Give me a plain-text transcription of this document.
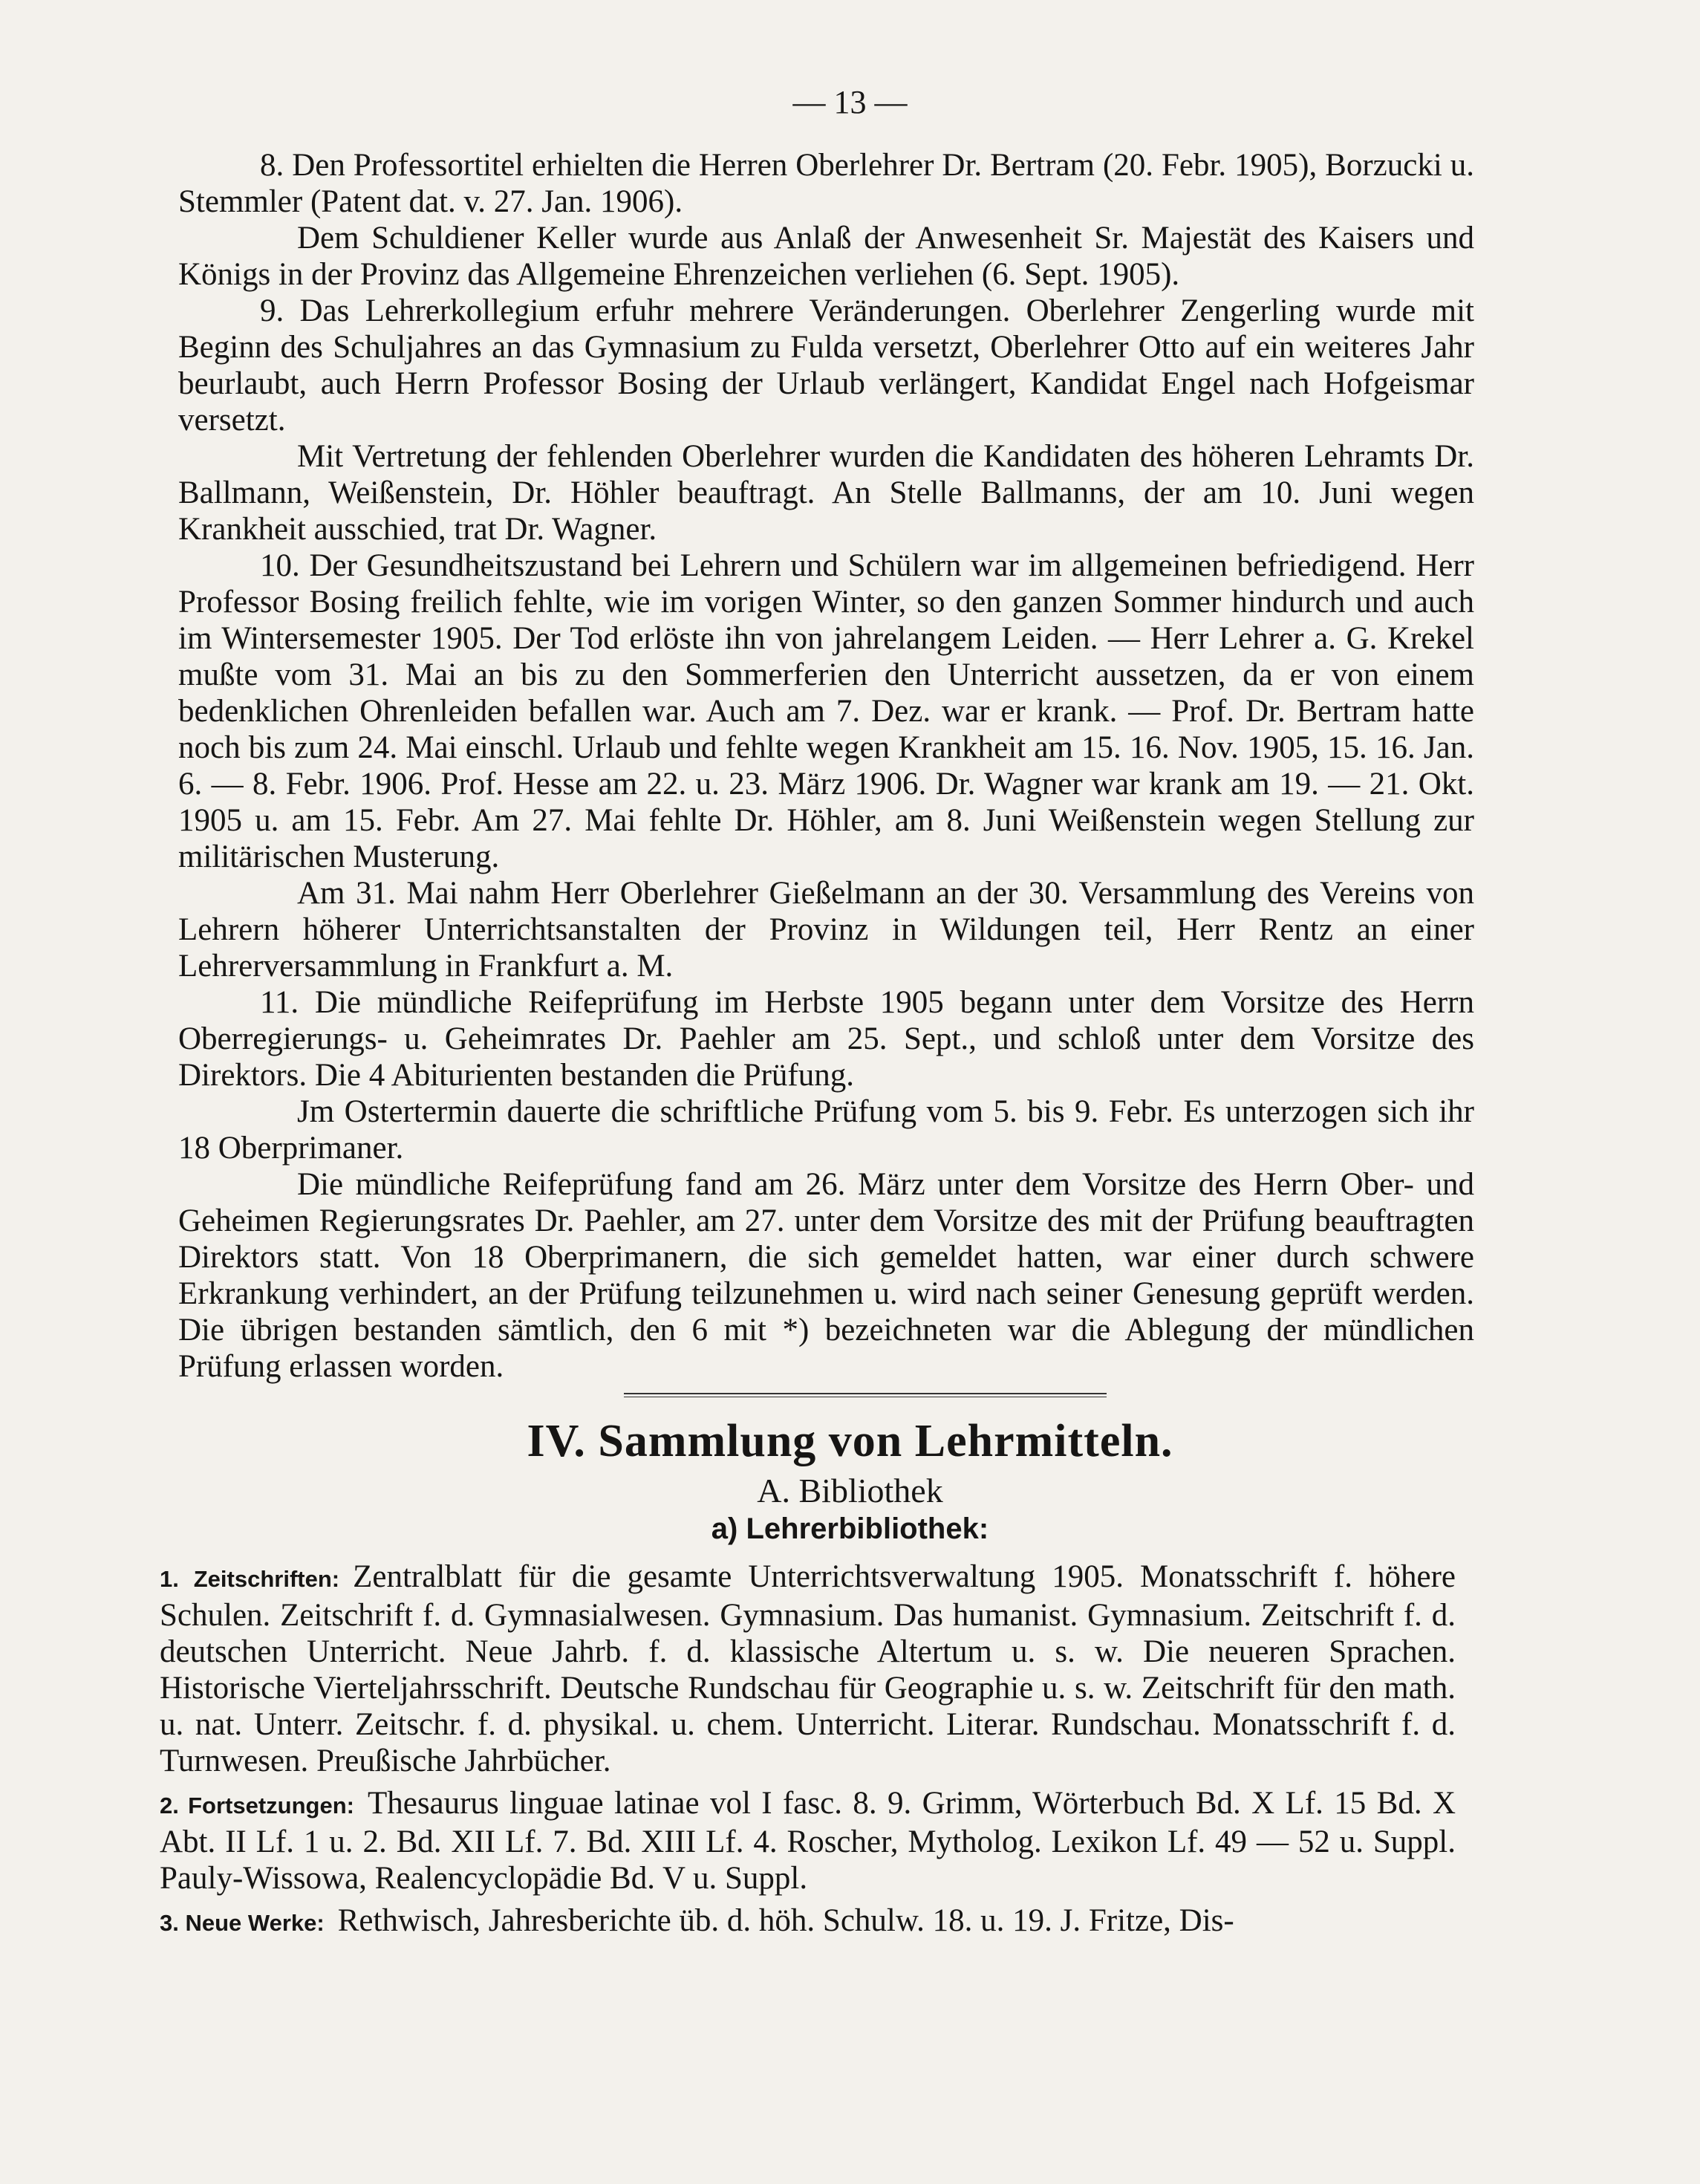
— 13 —

8. Den Professortitel erhielten die Herren Oberlehrer Dr. Bertram (20. Febr. 1905), Borzucki u. Stemmler (Patent dat. v. 27. Jan. 1906).

Dem Schuldiener Keller wurde aus Anlaß der Anwesenheit Sr. Majestät des Kaisers und Königs in der Provinz das Allgemeine Ehrenzeichen verliehen (6. Sept. 1905).

9. Das Lehrerkollegium erfuhr mehrere Veränderungen. Oberlehrer Zengerling wurde mit Beginn des Schuljahres an das Gymnasium zu Fulda versetzt, Oberlehrer Otto auf ein weiteres Jahr beurlaubt, auch Herrn Professor Bosing der Urlaub verlängert, Kandidat Engel nach Hofgeismar versetzt.

Mit Vertretung der fehlenden Oberlehrer wurden die Kandidaten des höheren Lehramts Dr. Ballmann, Weißenstein, Dr. Höhler beauftragt. An Stelle Ballmanns, der am 10. Juni wegen Krankheit ausschied, trat Dr. Wagner.

10. Der Gesundheitszustand bei Lehrern und Schülern war im allgemeinen befriedigend. Herr Professor Bosing freilich fehlte, wie im vorigen Winter, so den ganzen Sommer hindurch und auch im Wintersemester 1905. Der Tod erlöste ihn von jahrelangem Leiden. — Herr Lehrer a. G. Krekel mußte vom 31. Mai an bis zu den Sommerferien den Unterricht aussetzen, da er von einem bedenklichen Ohrenleiden befallen war. Auch am 7. Dez. war er krank. — Prof. Dr. Bertram hatte noch bis zum 24. Mai einschl. Urlaub und fehlte wegen Krankheit am 15. 16. Nov. 1905, 15. 16. Jan. 6. — 8. Febr. 1906. Prof. Hesse am 22. u. 23. März 1906. Dr. Wagner war krank am 19. — 21. Okt. 1905 u. am 15. Febr. Am 27. Mai fehlte Dr. Höhler, am 8. Juni Weißenstein wegen Stellung zur militärischen Musterung.

Am 31. Mai nahm Herr Oberlehrer Gießelmann an der 30. Versammlung des Vereins von Lehrern höherer Unterrichtsanstalten der Provinz in Wildungen teil, Herr Rentz an einer Lehrerversammlung in Frankfurt a. M.

11. Die mündliche Reifeprüfung im Herbste 1905 begann unter dem Vorsitze des Herrn Oberregierungs- u. Geheimrates Dr. Paehler am 25. Sept., und schloß unter dem Vorsitze des Direktors. Die 4 Abiturienten bestanden die Prüfung.

Jm Ostertermin dauerte die schriftliche Prüfung vom 5. bis 9. Febr. Es unterzogen sich ihr 18 Oberprimaner.

Die mündliche Reifeprüfung fand am 26. März unter dem Vorsitze des Herrn Ober- und Geheimen Regierungsrates Dr. Paehler, am 27. unter dem Vorsitze des mit der Prüfung beauftragten Direktors statt. Von 18 Oberprimanern, die sich gemeldet hatten, war einer durch schwere Erkrankung verhindert, an der Prüfung teilzunehmen u. wird nach seiner Genesung geprüft werden. Die übrigen bestanden sämtlich, den 6 mit *) bezeichneten war die Ablegung der mündlichen Prüfung erlassen worden.

IV. Sammlung von Lehrmitteln.
A. Bibliothek
a) Lehrerbibliothek:

1. Zeitschriften: Zentralblatt für die gesamte Unterrichtsverwaltung 1905. Monatsschrift f. höhere Schulen. Zeitschrift f. d. Gymnasialwesen. Gymnasium. Das humanist. Gymnasium. Zeitschrift f. d. deutschen Unterricht. Neue Jahrb. f. d. klassische Altertum u. s. w. Die neueren Sprachen. Historische Vierteljahrsschrift. Deutsche Rundschau für Geographie u. s. w. Zeitschrift für den math. u. nat. Unterr. Zeitschr. f. d. physikal. u. chem. Unterricht. Literar. Rundschau. Monatsschrift f. d. Turnwesen. Preußische Jahrbücher.

2. Fortsetzungen: Thesaurus linguae latinae vol I fasc. 8. 9. Grimm, Wörterbuch Bd. X Lf. 15 Bd. X Abt. II Lf. 1 u. 2. Bd. XII Lf. 7. Bd. XIII Lf. 4. Roscher, Mytholog. Lexikon Lf. 49 — 52 u. Suppl. Pauly-Wissowa, Realencyclopädie Bd. V u. Suppl.

3. Neue Werke: Rethwisch, Jahresberichte üb. d. höh. Schulw. 18. u. 19. J. Fritze, Dis-
